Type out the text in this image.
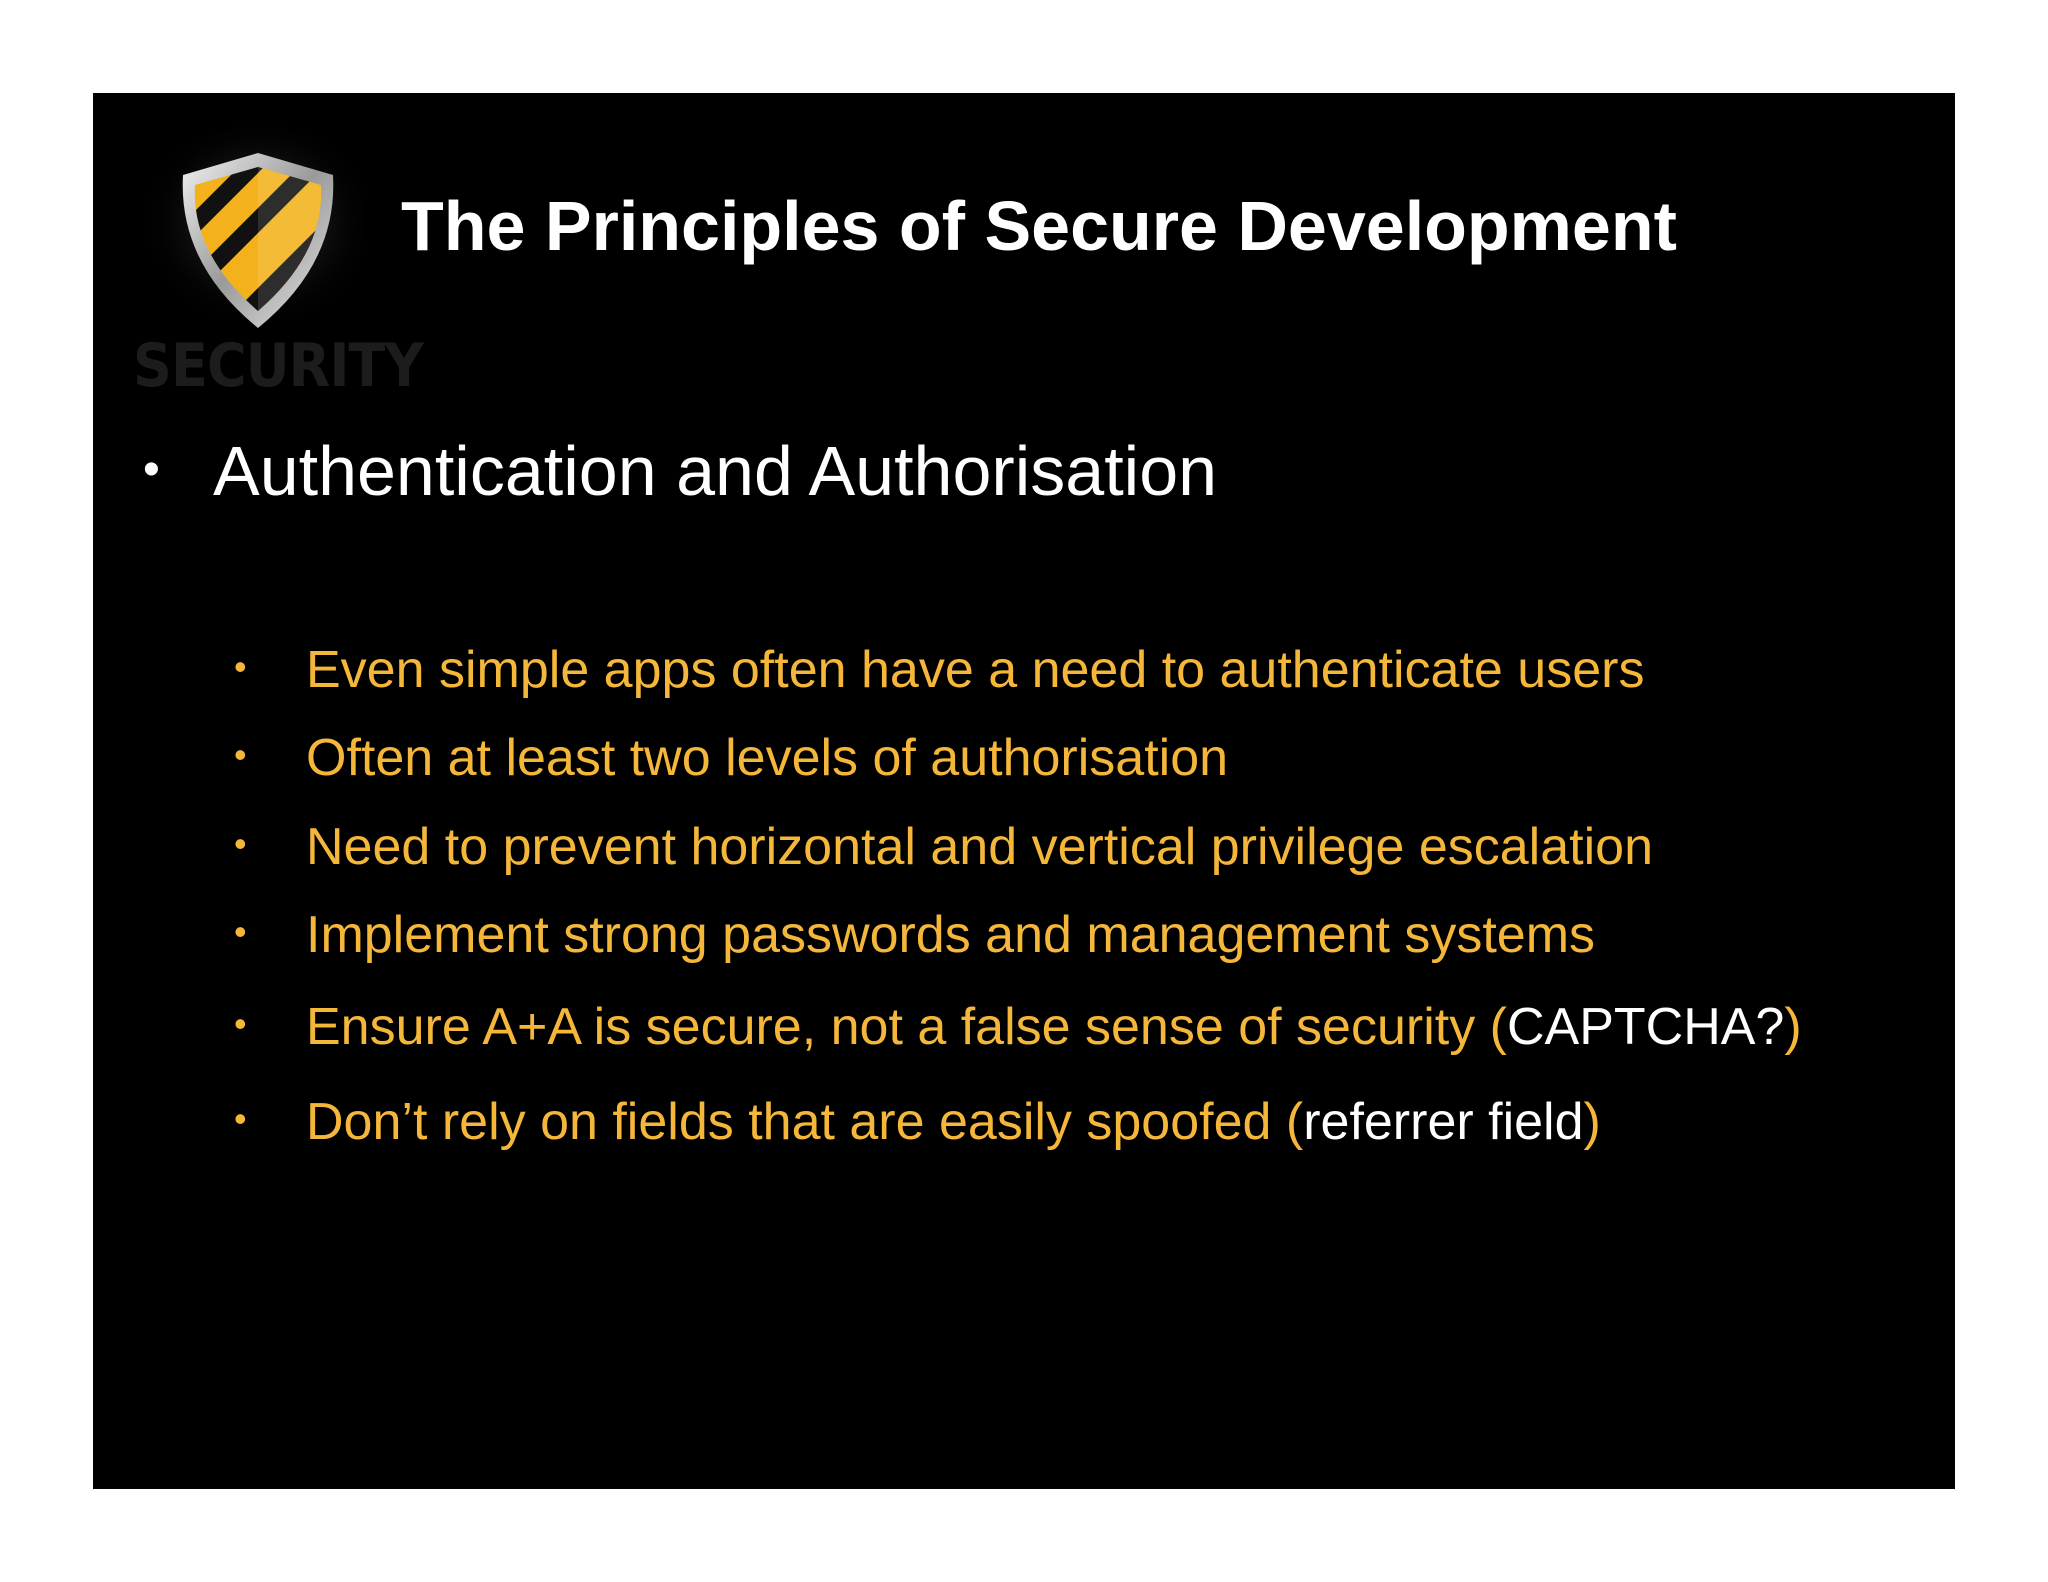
SECURITY
The Principles of Secure Development
• Authentication and Authorisation
• Even simple apps often have a need to authenticate users
• Often at least two levels of authorisation
• Need to prevent horizontal and vertical privilege escalation
• Implement strong passwords and management systems
• Ensure A+A is secure, not a false sense of security (CAPTCHA?)
• Don’t rely on fields that are easily spoofed (referrer field)
